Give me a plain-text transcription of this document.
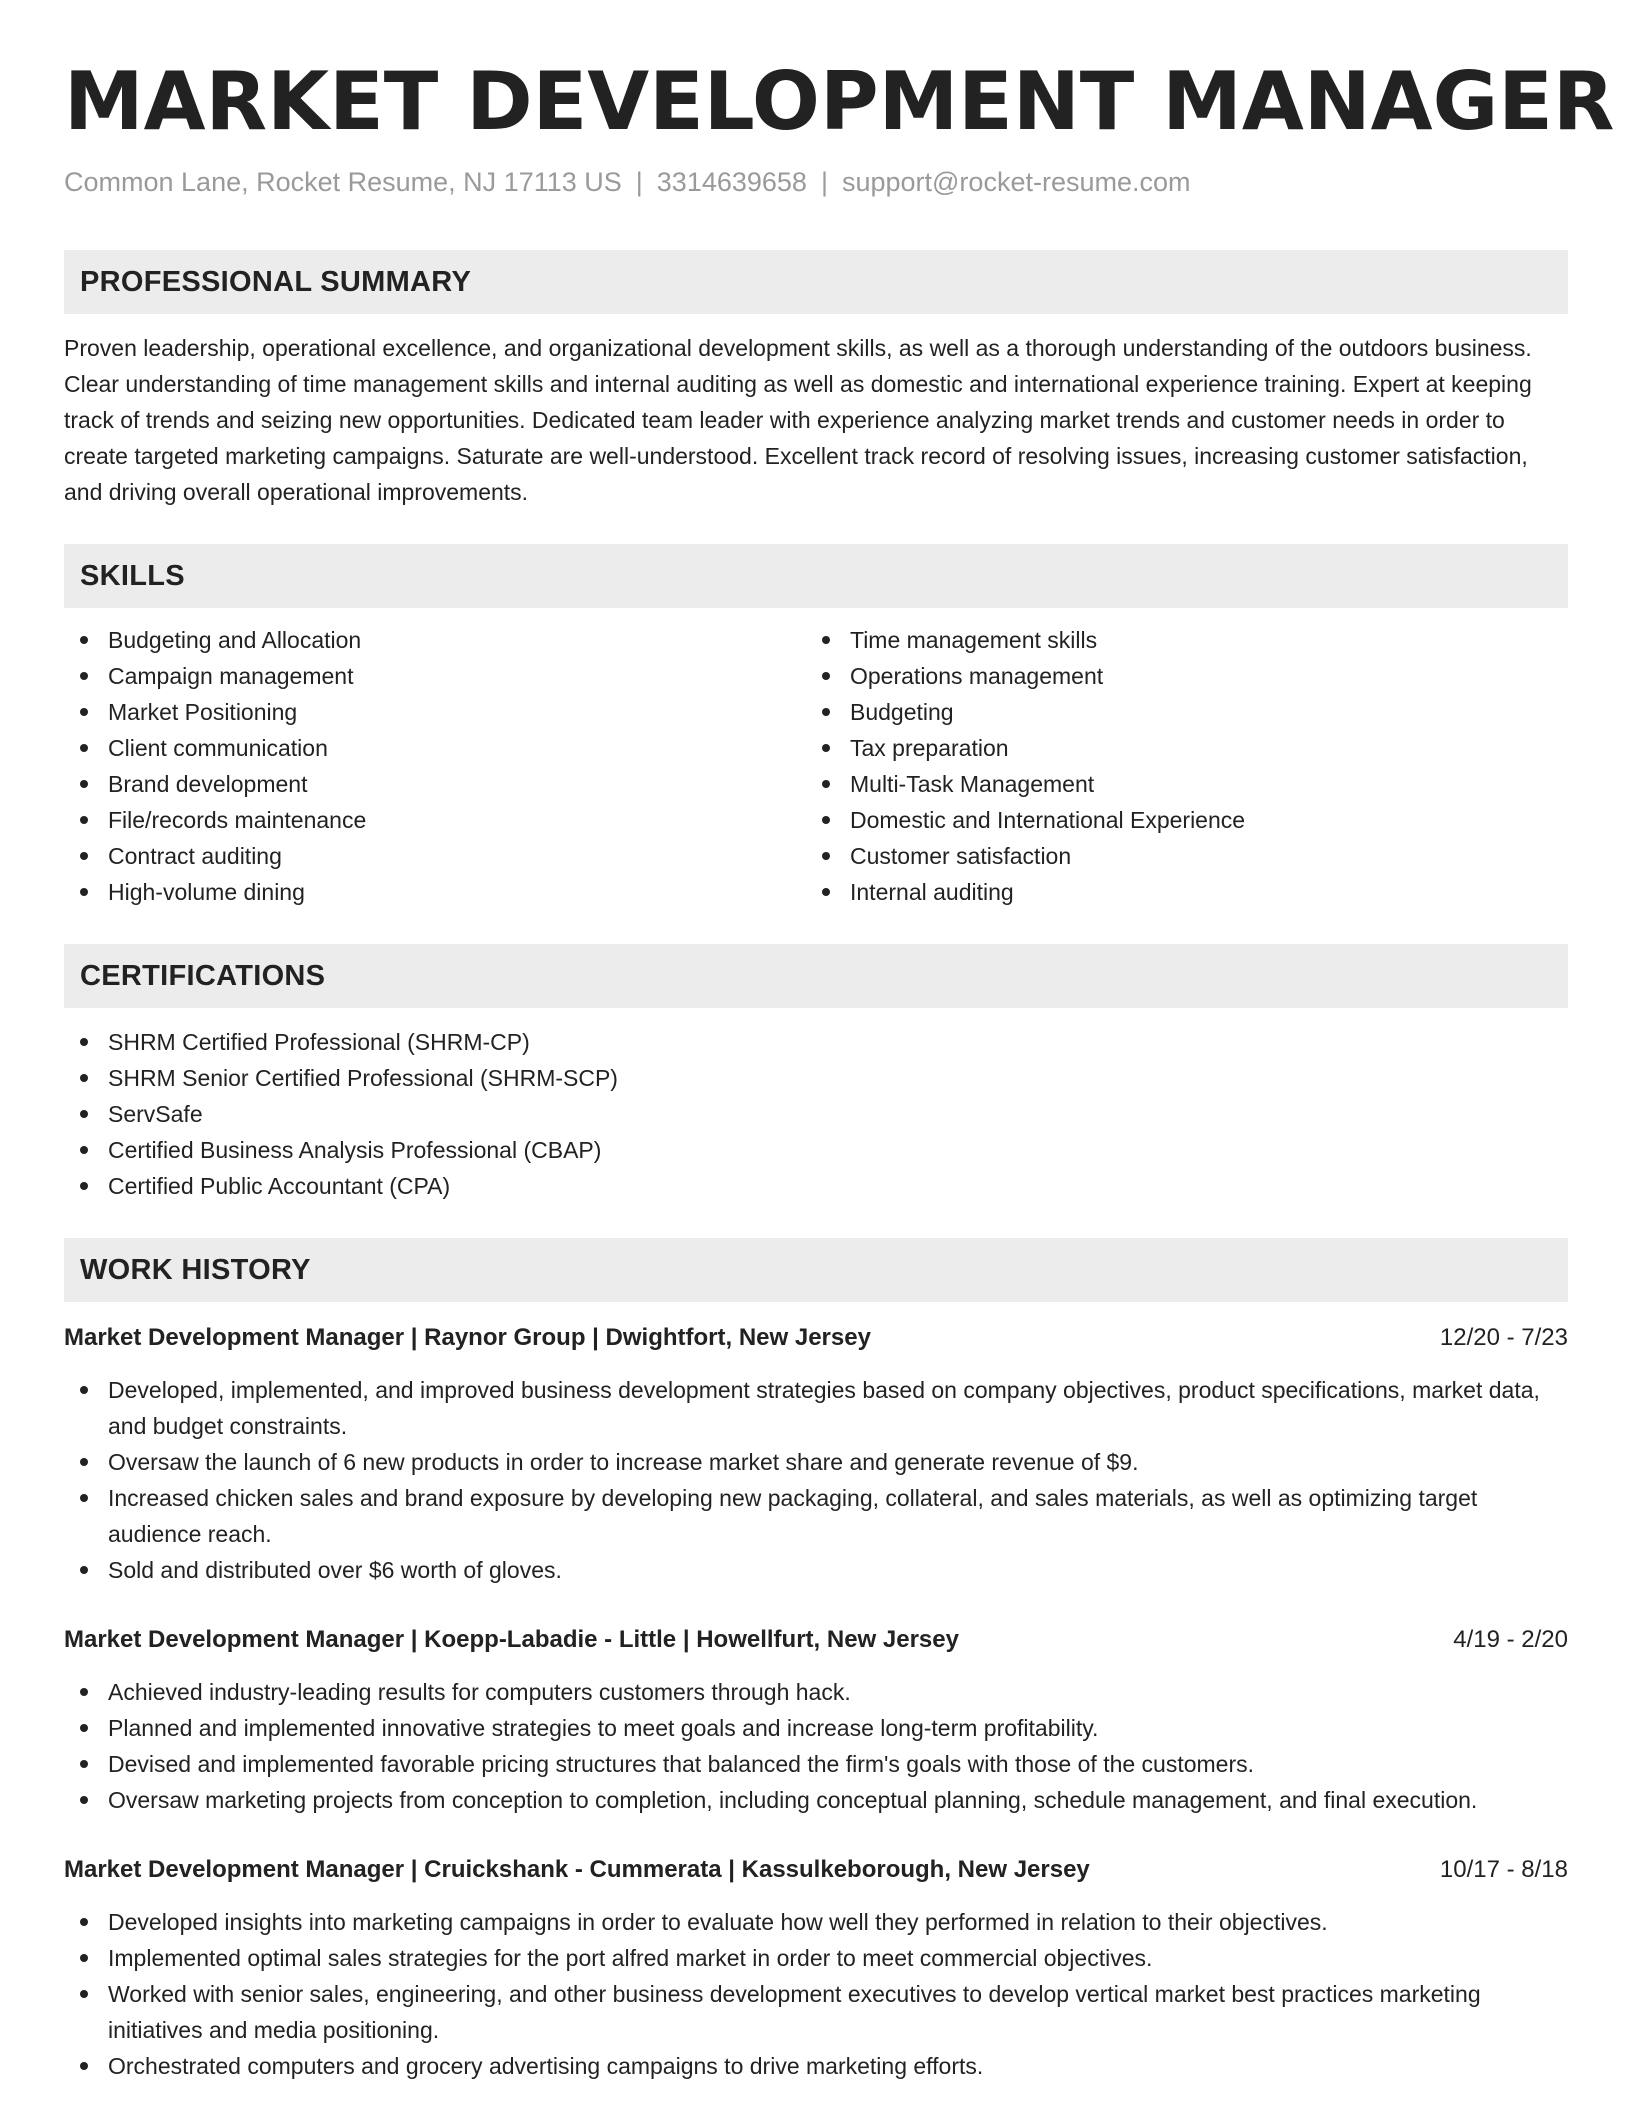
MARKET DEVELOPMENT MANAGER
Common Lane, Rocket Resume, NJ 17113 US | 3314639658 | support@rocket-resume.com
PROFESSIONAL SUMMARY

Proven leadership, operational excellence, and organizational development skills, as well as a thorough understanding of the outdoors business. Clear understanding of time management skills and internal auditing as well as domestic and international experience training. Expert at keeping track of trends and seizing new opportunities. Dedicated team leader with experience analyzing market trends and customer needs in order to create targeted marketing campaigns. Saturate are well-understood. Excellent track record of resolving issues, increasing customer satisfaction, and driving overall operational improvements.

SKILLS
Budgeting and Allocation
Campaign management
Market Positioning
Client communication
Brand development
File/records maintenance
Contract auditing
High-volume dining
Time management skills
Operations management
Budgeting
Tax preparation
Multi-Task Management
Domestic and International Experience
Customer satisfaction
Internal auditing
CERTIFICATIONS
SHRM Certified Professional (SHRM-CP)
SHRM Senior Certified Professional (SHRM-SCP)
ServSafe
Certified Business Analysis Professional (CBAP)
Certified Public Accountant (CPA)
WORK HISTORY
Market Development Manager | Raynor Group | Dwightfort, New Jersey	12/20 - 7/23
Developed, implemented, and improved business development strategies based on company objectives, product specifications, market data, and budget constraints.
Oversaw the launch of 6 new products in order to increase market share and generate revenue of $9.
Increased chicken sales and brand exposure by developing new packaging, collateral, and sales materials, as well as optimizing target audience reach.
Sold and distributed over $6 worth of gloves.
Market Development Manager | Koepp-Labadie - Little | Howellfurt, New Jersey	4/19 - 2/20
Achieved industry-leading results for computers customers through hack.
Planned and implemented innovative strategies to meet goals and increase long-term profitability.
Devised and implemented favorable pricing structures that balanced the firm's goals with those of the customers.
Oversaw marketing projects from conception to completion, including conceptual planning, schedule management, and final execution.
Market Development Manager | Cruickshank - Cummerata | Kassulkeborough, New Jersey	10/17 - 8/18
Developed insights into marketing campaigns in order to evaluate how well they performed in relation to their objectives.
Implemented optimal sales strategies for the port alfred market in order to meet commercial objectives.
Worked with senior sales, engineering, and other business development executives to develop vertical market best practices marketing initiatives and media positioning.
Orchestrated computers and grocery advertising campaigns to drive marketing efforts.
